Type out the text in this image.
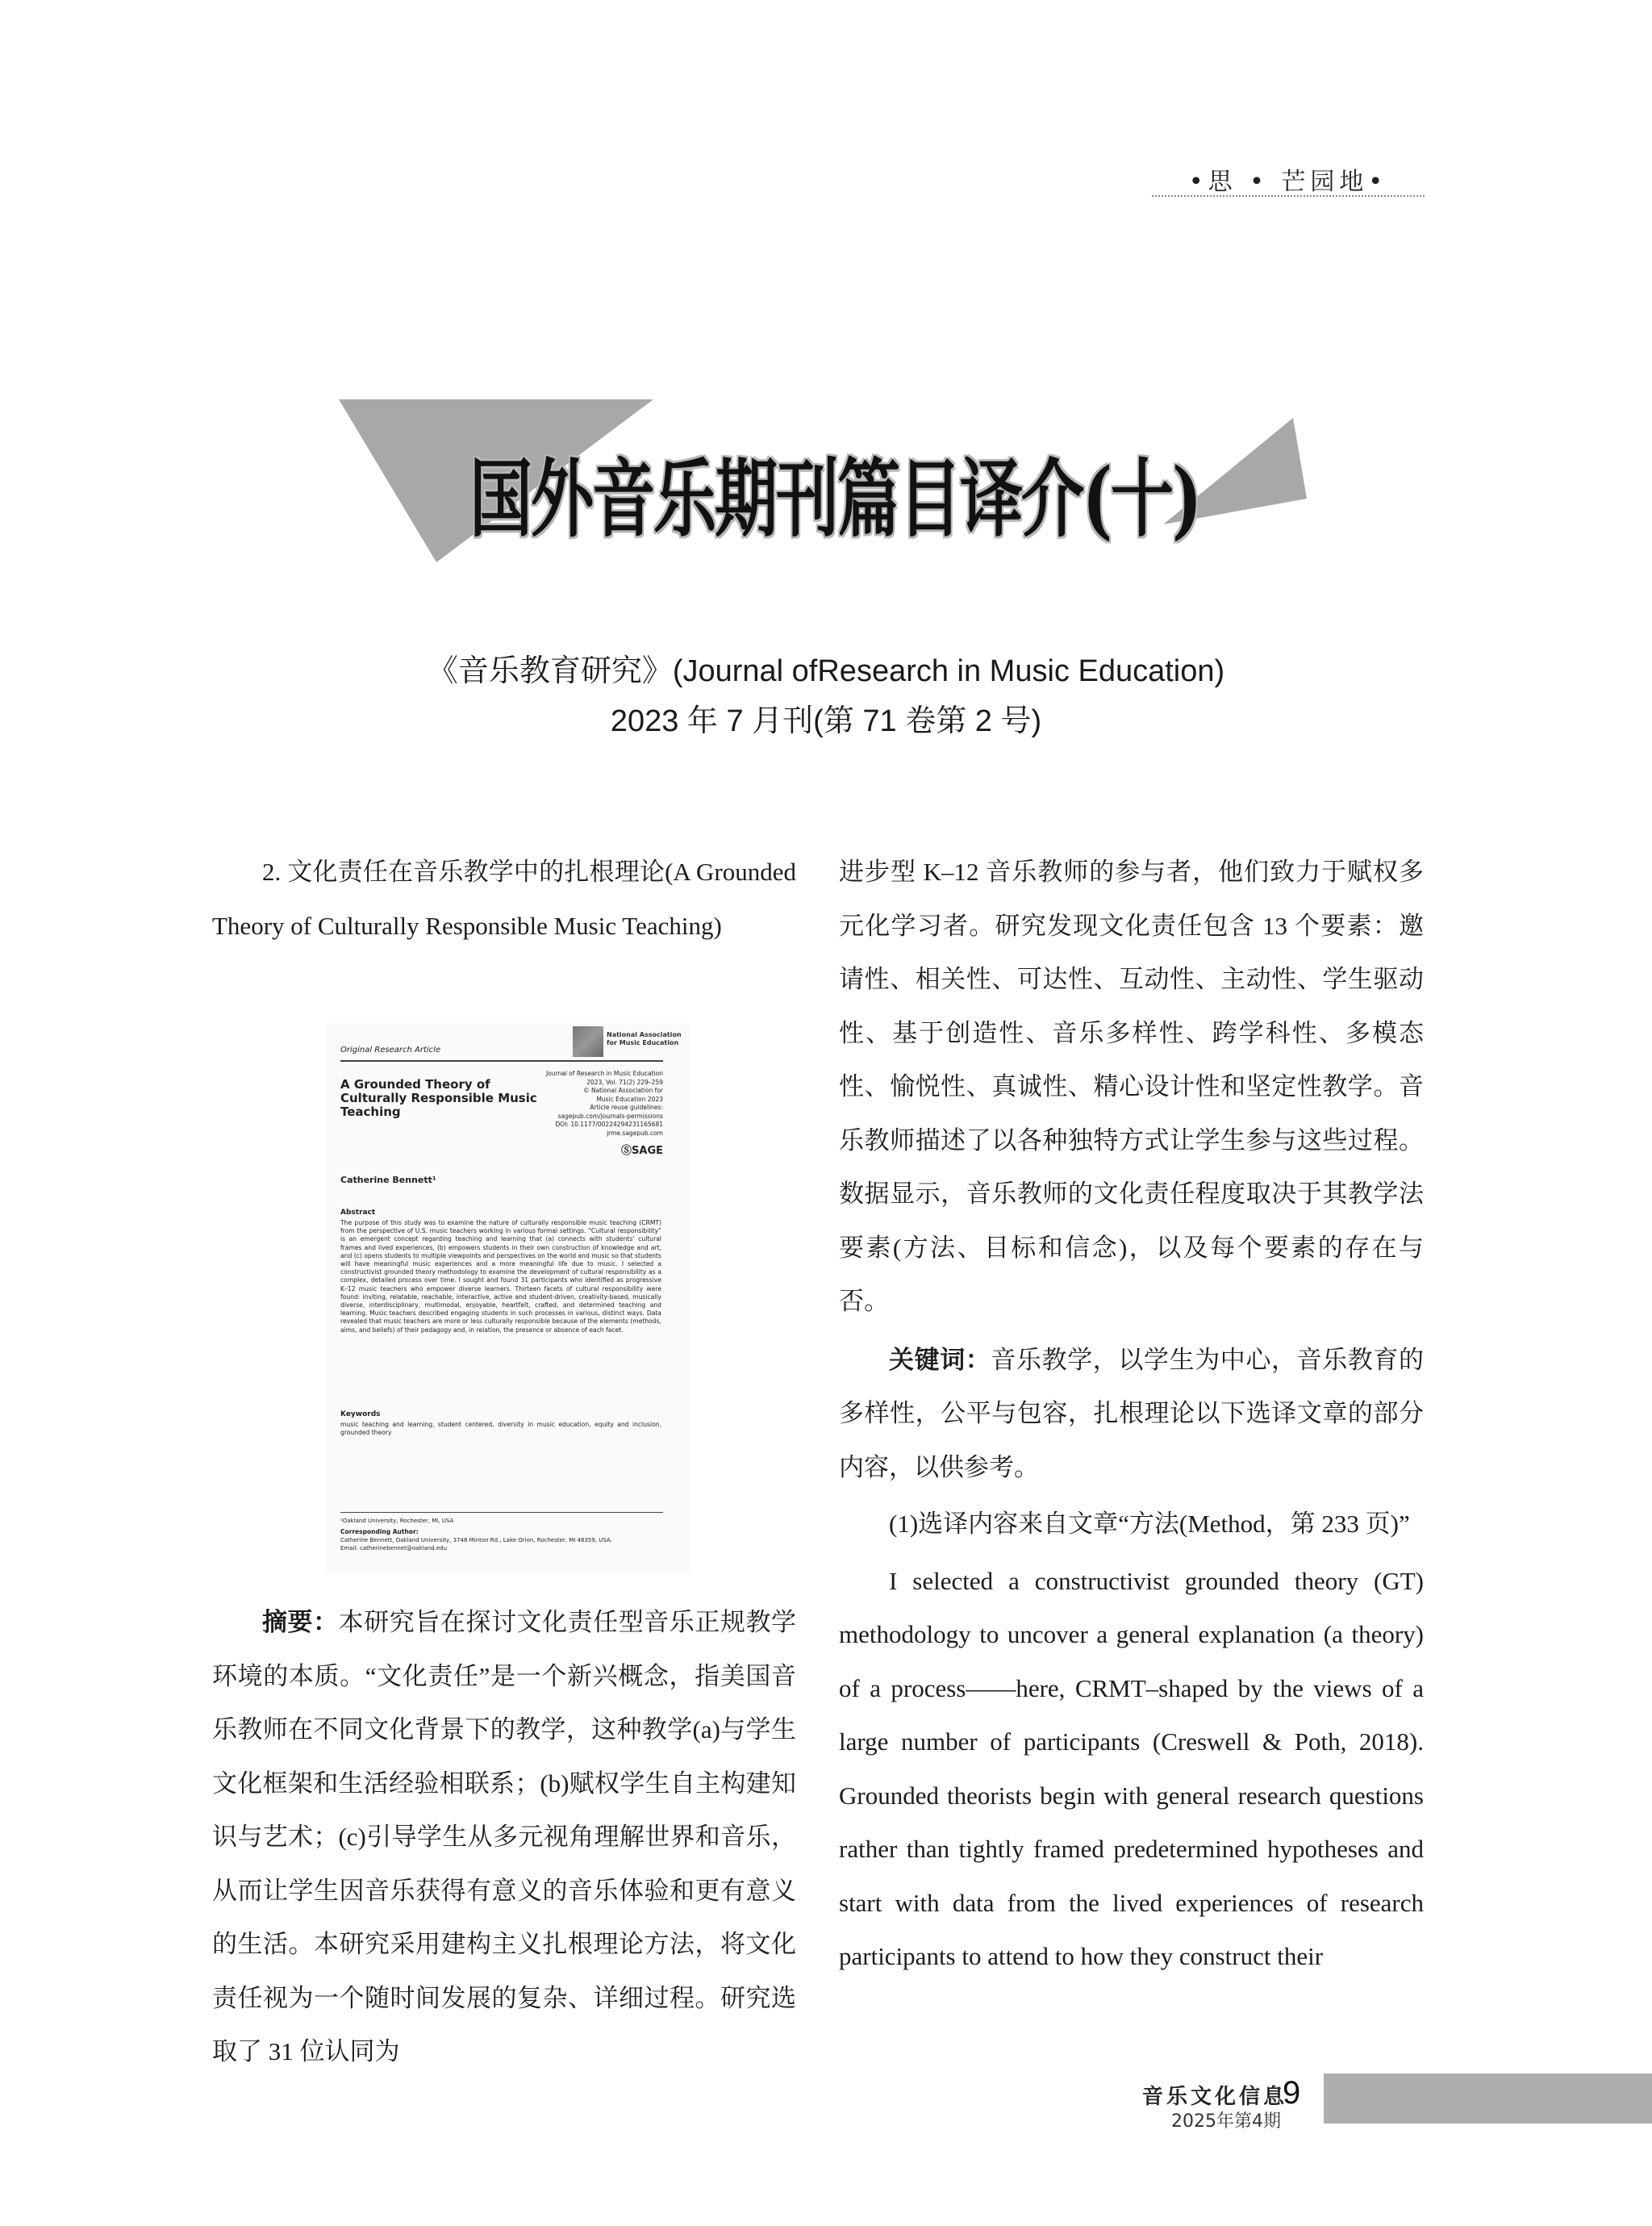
•思 • 芒园地•
国外音乐期刊篇目译介(十)
《音乐教育研究》(Journal ofResearch in Music Education)
2023 年 7 月刊(第 71 卷第 2 号)

2. 文化责任在音乐教学中的扎根理论(A Grounded Theory of Culturally Responsible Music Teaching)

摘要：本研究旨在探讨文化责任型音乐正规教学环境的本质。“文化责任”是一个新兴概念，指美国音乐教师在不同文化背景下的教学，这种教学(a)与学生文化框架和生活经验相联系；(b)赋权学生自主构建知识与艺术；(c)引导学生从多元视角理解世界和音乐，从而让学生因音乐获得有意义的音乐体验和更有意义的生活。本研究采用建构主义扎根理论方法，将文化责任视为一个随时间发展的复杂、详细过程。研究选取了 31 位认同为

Original Research Article
National Association
for Music Education
A Grounded Theory of Culturally Responsible Music Teaching
Journal of Research in Music Education
2023, Vol. 71(2) 229–259
© National Association for
Music Education 2023
Article reuse guidelines:
sagepub.com/journals-permissions
DOI: 10.1177/00224294231165681
jrme.sagepub.com
ⓈSAGE
Catherine Bennett¹
Abstract
The purpose of this study was to examine the nature of culturally responsible music teaching (CRMT) from the perspective of U.S. music teachers working in various formal settings. “Cultural responsibility” is an emergent concept regarding teaching and learning that (a) connects with students’ cultural frames and lived experiences, (b) empowers students in their own construction of knowledge and art, and (c) opens students to multiple viewpoints and perspectives on the world and music so that students will have meaningful music experiences and a more meaningful life due to music. I selected a constructivist grounded theory methodology to examine the development of cultural responsibility as a complex, detailed process over time. I sought and found 31 participants who identified as progressive K–12 music teachers who empower diverse learners. Thirteen facets of cultural responsibility were found: inviting, relatable, reachable, interactive, active and student-driven, creativity-based, musically diverse, interdisciplinary, multimodal, enjoyable, heartfelt, crafted, and determined teaching and learning. Music teachers described engaging students in such processes in various, distinct ways. Data revealed that music teachers are more or less culturally responsible because of the elements (methods, aims, and beliefs) of their pedagogy and, in relation, the presence or absence of each facet.
Keywords
music teaching and learning, student centered, diversity in music education, equity and inclusion, grounded theory
¹Oakland University, Rochester, MI, USA
Corresponding Author:
Catherine Bennett, Oakland University, 3748 Minton Rd., Lake Orion, Rochester, MI 48359, USA.
Email: catherinebennet@oakland.edu

进步型 K–12 音乐教师的参与者，他们致力于赋权多元化学习者。研究发现文化责任包含 13 个要素：邀请性、相关性、可达性、互动性、主动性、学生驱动性、基于创造性、音乐多样性、跨学科性、多模态性、愉悦性、真诚性、精心设计性和坚定性教学。音乐教师描述了以各种独特方式让学生参与这些过程。数据显示，音乐教师的文化责任程度取决于其教学法要素(方法、目标和信念)，以及每个要素的存在与否。

关键词：音乐教学，以学生为中心，音乐教育的多样性，公平与包容，扎根理论以下选译文章的部分内容，以供参考。

(1)选译内容来自文章“方法(Method，第 233 页)”

I selected a constructivist grounded theory (GT) methodology to uncover a general explanation (a theory) of a process——here, CRMT–shaped by the views of a large number of participants (Creswell & Poth, 2018). Grounded theorists begin with general research questions rather than tightly framed predetermined hypotheses and start with data from the lived experiences of research participants to attend to how they construct their

音乐文化信息
2025年第4期
9
